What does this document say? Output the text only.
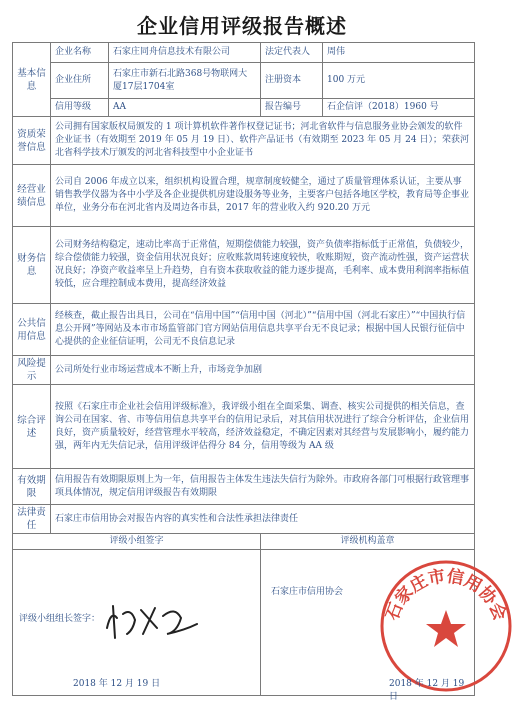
企业信用评级报告概述
基本信息	企业名称	石家庄同舟信息技术有限公司	法定代表人	周伟
	企业住所	石家庄市新石北路368号物联网大厦17层1704室	注册资本	100 万元
	信用等级	AA	报告编号	石企信评（2018）1960 号
资质荣誉信息	公司拥有国家版权局颁发的 1 项计算机软件著作权登记证书；河北省软件与信息服务业协会颁发的软件企业证书（有效期至 2019 年 05 月 19 日）、软件产品证书（有效期至 2023 年 05 月 24 日）；荣获河北省科学技术厅颁发的河北省科技型中小企业证书			
经营业绩信息	公司自 2006 年成立以来，组织机构设置合理，规章制度较健全，通过了质量管理体系认证，主要从事销售教学仪器为各中小学及各企业提供机房建设服务等业务，主要客户包括各地区学校，教育局等企事业单位，业务分布在河北省内及周边各市县，2017 年的营业收入约 920.20 万元			
财务信息	公司财务结构稳定，速动比率高于正常值，短期偿债能力较强，资产负债率指标低于正常值，负债较少，综合偿债能力较强，资金信用状况良好；应收账款周转速度较快，收账期短，资产流动性强，资产运营状况良好；净资产收益率呈上升趋势，自有资本获取收益的能力逐步提高，毛利率、成本费用利润率指标值较低，应合理控制成本费用，提高经济效益			
公共信用信息	经核查，截止报告出具日，公司在“信用中国”“信用中国（河北）”“信用中国（河北石家庄）”“中国执行信息公开网”等网站及本市市场监管部门官方网站信用信息共享平台无不良记录；根据中国人民银行征信中心提供的企业征信证明，公司无不良信息记录			
风险提示	公司所处行业市场运营成本不断上升，市场竞争加剧			
综合评述	按照《石家庄市企业社会信用评级标准》，我评级小组在全面采集、调查、核实公司提供的相关信息，查询公司在国家、省、市等信用信息共享平台的信用记录后，对其信用状况进行了综合分析评估，企业信用良好，资产质量较好，经营管理水平较高，经济效益稳定，不确定因素对其经营与发展影响小，履约能力强，两年内无失信记录，信用评级评估得分 84 分，信用等级为 AA 级			
有效期限	信用报告有效期限原则上为一年，信用报告主体发生违法失信行为除外。市政府各部门可根据行政管理事项具体情况，规定信用评级报告有效期限			
法律责任	石家庄市信用协会对报告内容的真实性和合法性承担法律责任			
评级小组签字			评级机构盖章	

评级小组组长签字：
2018 年 12 月 19 日			石家庄市信用协会
石家庄市信用协会
2018 年 12 月 19 日	
